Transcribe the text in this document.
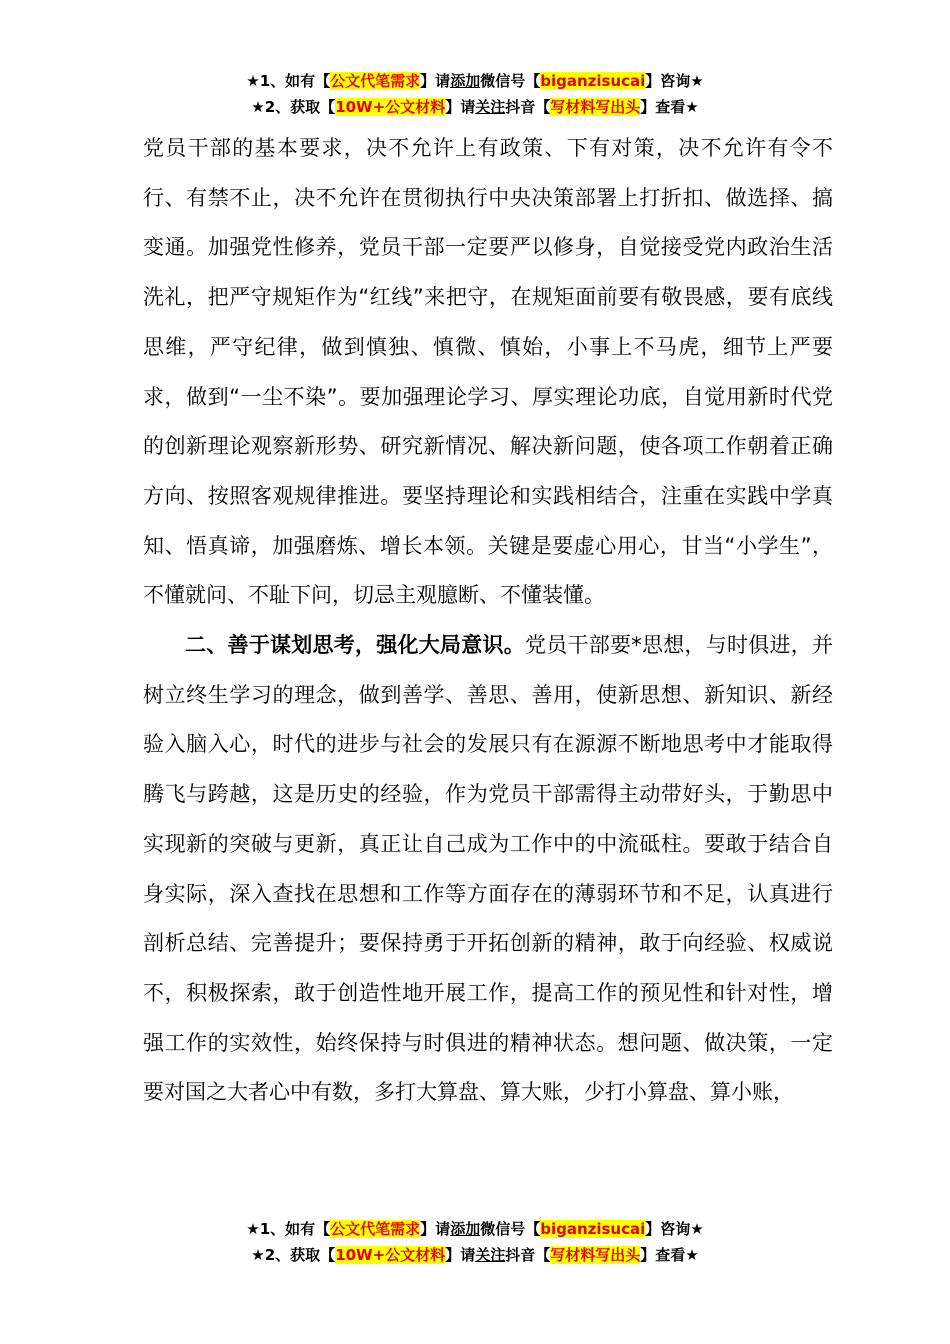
★1、如有【公文代笔需求】请添加微信号【biganzisucai】咨询★
★2、获取【10W+公文材料】请关注抖音【写材料写出头】查看★

党员干部的基本要求，决不允许上有政策、下有对策，决不允许有令不行、有禁不止，决不允许在贯彻执行中央决策部署上打折扣、做选择、搞变通。加强党性修养，党员干部一定要严以修身，自觉接受党内政治生活洗礼，把严守规矩作为“红线”来把守，在规矩面前要有敬畏感，要有底线思维，严守纪律，做到慎独、慎微、慎始，小事上不马虎，细节上严要求，做到“一尘不染”。要加强理论学习、厚实理论功底，自觉用新时代党的创新理论观察新形势、研究新情况、解决新问题，使各项工作朝着正确方向、按照客观规律推进。要坚持理论和实践相结合，注重在实践中学真知、悟真谛，加强磨炼、增长本领。关键是要虚心用心，甘当“小学生”，不懂就问、不耻下问，切忌主观臆断、不懂装懂。

二、善于谋划思考，强化大局意识。党员干部要*思想，与时俱进，并树立终生学习的理念，做到善学、善思、善用，使新思想、新知识、新经验入脑入心，时代的进步与社会的发展只有在源源不断地思考中才能取得腾飞与跨越，这是历史的经验，作为党员干部需得主动带好头，于勤思中实现新的突破与更新，真正让自己成为工作中的中流砥柱。要敢于结合自身实际，深入查找在思想和工作等方面存在的薄弱环节和不足，认真进行剖析总结、完善提升；要保持勇于开拓创新的精神，敢于向经验、权威说不，积极探索，敢于创造性地开展工作，提高工作的预见性和针对性，增强工作的实效性，始终保持与时俱进的精神状态。想问题、做决策，一定要对国之大者心中有数，多打大算盘、算大账，少打小算盘、算小账，

★1、如有【公文代笔需求】请添加微信号【biganzisucai】咨询★
★2、获取【10W+公文材料】请关注抖音【写材料写出头】查看★
